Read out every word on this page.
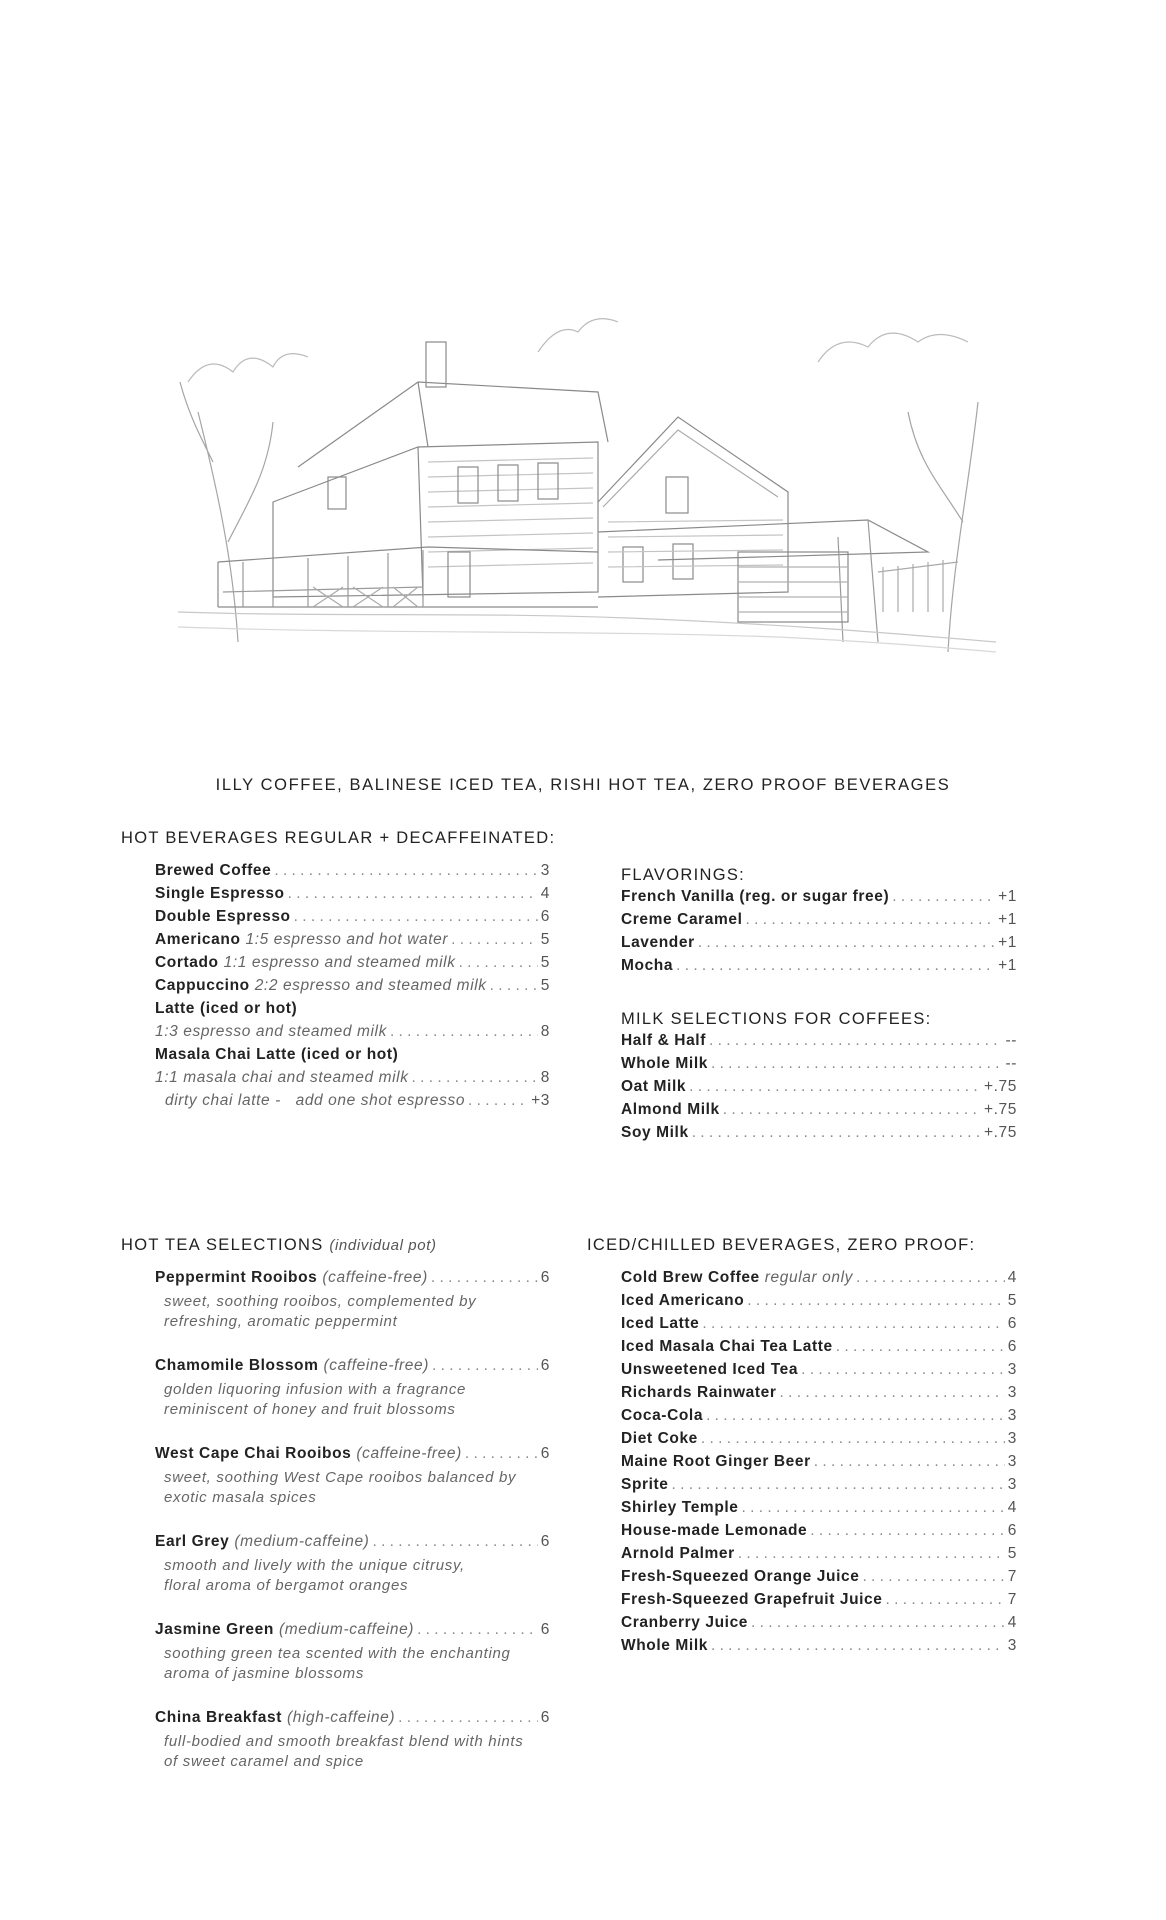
ILLY COFFEE, BALINESE ICED TEA, RISHI HOT TEA, ZERO PROOF BEVERAGES
HOT BEVERAGES REGULAR + DECAFFEINATED:
Brewed Coffee . . .	3
Single Espresso . . .	4
Double Espresso . . .	6
Americano 1:5 espresso and hot water . . .	5
Cortado 1:1 espresso and steamed milk . . .	5
Cappuccino 2:2 espresso and steamed milk . . .	5
Latte (iced or hot)
1:3 espresso and steamed milk . . .	8
Masala Chai Latte (iced or hot)
1:1 masala chai and steamed milk . . .	8
dirty chai latte -   add one shot espresso . . .	+3
FLAVORINGS:
French Vanilla (reg. or sugar free) . . .	+1
Creme Caramel . . .	+1
Lavender . . .	+1
Mocha . . .	+1
MILK SELECTIONS FOR COFFEES:
Half & Half . . .	--
Whole Milk . . .	--
Oat Milk . . .	+.75
Almond Milk . . .	+.75
Soy Milk . . .	+.75
HOT TEA SELECTIONS (individual pot)
Peppermint Rooibos (caffeine-free) . . .	6
sweet, soothing rooibos, complemented by
refreshing, aromatic peppermint
Chamomile Blossom (caffeine-free) . . .	6
golden liquoring infusion with a fragrance
reminiscent of honey and fruit blossoms
West Cape Chai Rooibos (caffeine-free) . . .	6
sweet, soothing West Cape rooibos balanced by
exotic masala spices
Earl Grey (medium-caffeine) . . .	6
smooth and lively with the unique citrusy,
floral aroma of bergamot oranges
Jasmine Green (medium-caffeine) . . .	6
soothing green tea scented with the enchanting
aroma of jasmine blossoms
China Breakfast (high-caffeine) . . .	6
full-bodied and smooth breakfast blend with hints
of sweet caramel and spice
ICED/CHILLED BEVERAGES, ZERO PROOF:
Cold Brew Coffee regular only . . .	4
Iced Americano . . .	5
Iced Latte . . .	6
Iced Masala Chai Tea Latte . . .	6
Unsweetened Iced Tea . . .	3
Richards Rainwater . . .	3
Coca-Cola . . .	3
Diet Coke . . .	3
Maine Root Ginger Beer . . .	3
Sprite . . .	3
Shirley Temple . . .	4
House-made Lemonade . . .	6
Arnold Palmer . . .	5
Fresh-Squeezed Orange Juice . . .	7
Fresh-Squeezed Grapefruit Juice . . .	7
Cranberry Juice . . .	4
Whole Milk . . .	3
